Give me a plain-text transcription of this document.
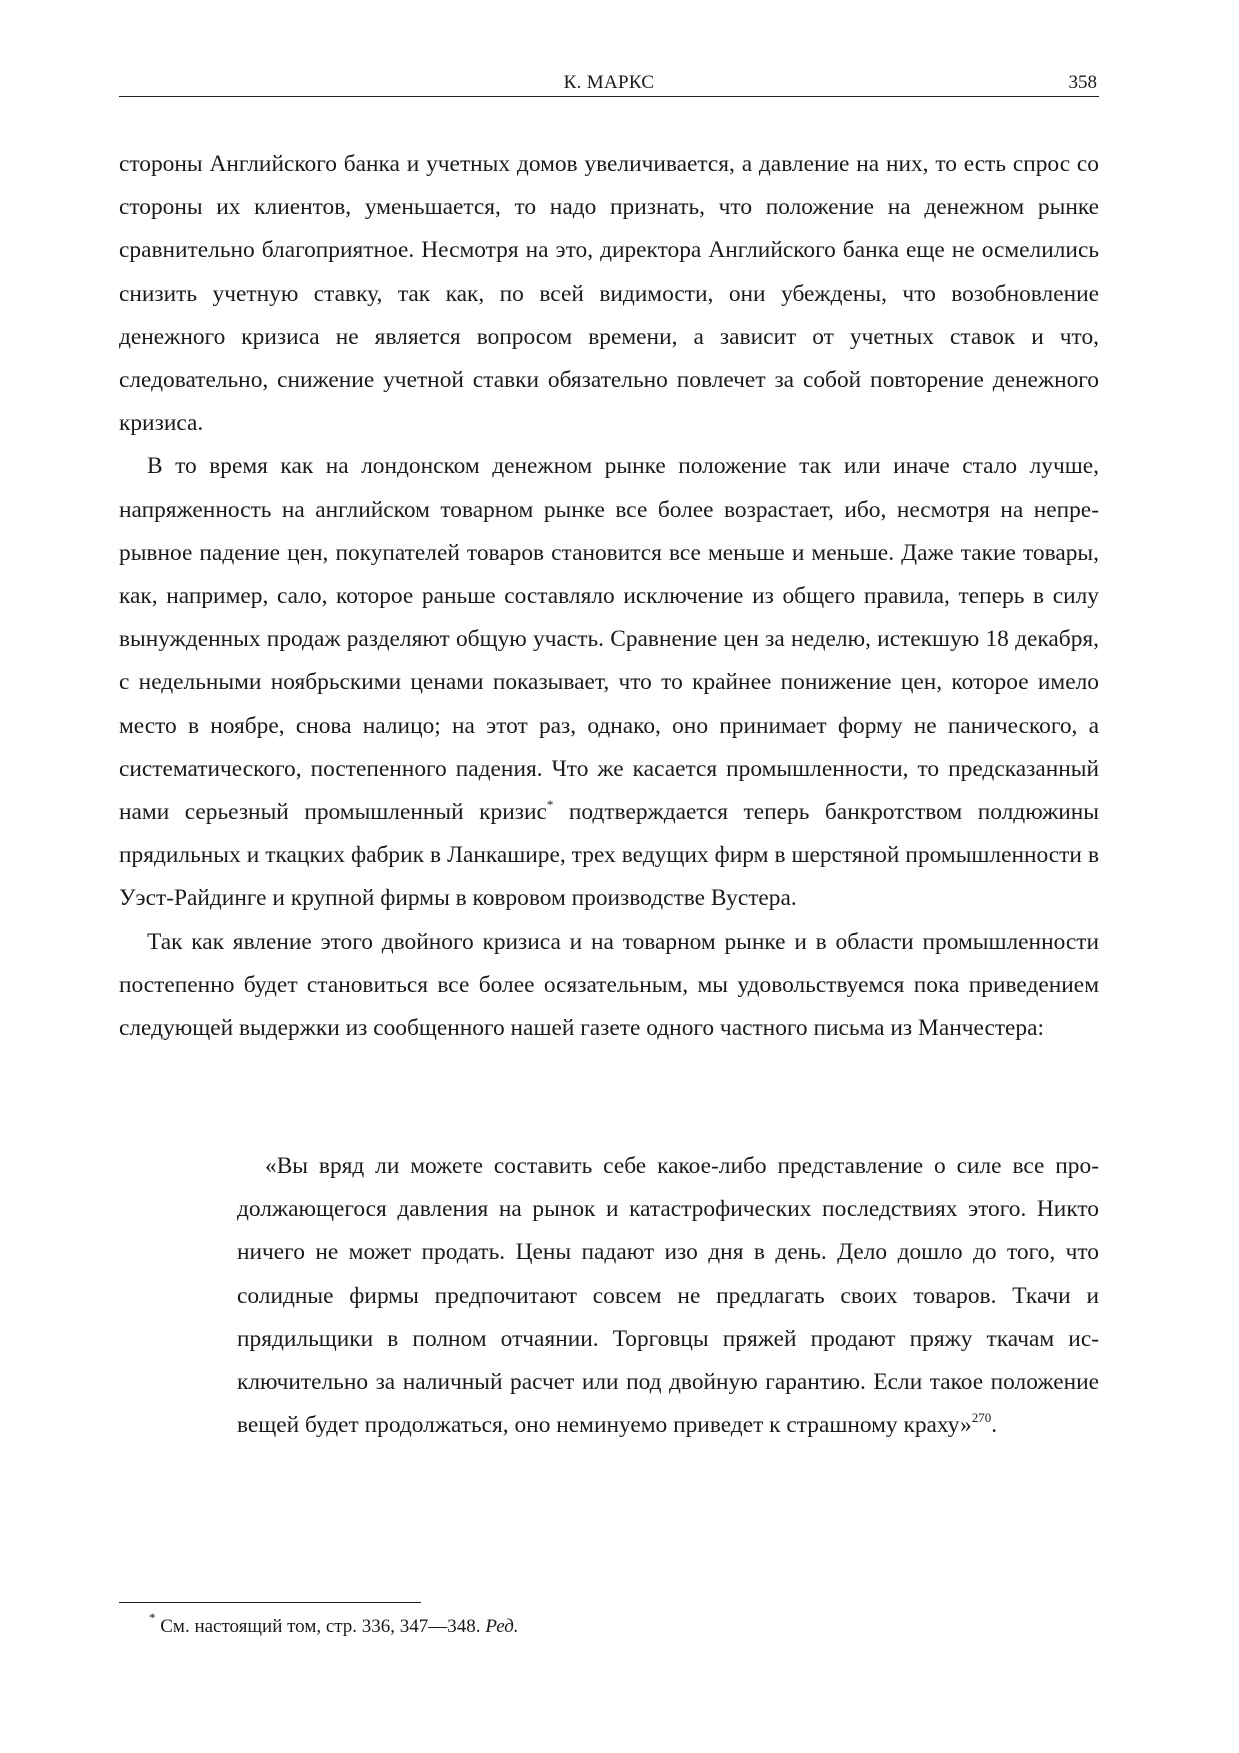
К. МАРКС	358

стороны Английского банка и учетных домов увеличивается, а давление на них, то есть спрос со стороны их клиентов, уменьшается, то надо признать, что положение на денежном рынке сравнительно благоприятное. Несмотря на это, директора Английского банка еще не осмелились снизить учетную ставку, так как, по всей видимости, они убеждены, что возобновление денежного кризиса не является вопросом времени, а зависит от учетных ставок и что, следовательно, снижение учетной ставки обязательно повлечет за собой повторение денежного кризиса.

В то время как на лондонском денежном рынке положение так или иначе стало лучше, напряженность на английском товарном рынке все более возрастает, ибо, несмотря на непрерывное падение цен, покупателей товаров становится все меньше и меньше. Даже такие товары, как, например, сало, которое раньше составляло исключение из общего правила, теперь в силу вынужденных продаж разделяют общую участь. Сравнение цен за неделю, истекшую 18 декабря, с недельными ноябрьскими ценами показывает, что то крайнее понижение цен, которое имело место в ноябре, снова налицо; на этот раз, однако, оно принимает форму не панического, а систематического, постепенного падения. Что же касается промышленности, то предсказанный нами серьезный промышленный кризис* подтверждается теперь банкротством полдюжины прядильных и ткацких фабрик в Ланкашире, трех ведущих фирм в шерстяной промышленности в Уэст-Райдинге и крупной фирмы в ковровом производстве Вустера.

Так как явление этого двойного кризиса и на товарном рынке и в области промышленности постепенно будет становиться все более осязательным, мы удовольствуемся пока приведением следующей выдержки из сообщенного нашей газете одного частного письма из Манчестера:

«Вы вряд ли можете составить себе какое-либо представление о силе все продолжающегося давления на рынок и катастрофических последствиях этого. Никто ничего не может продать. Цены падают изо дня в день. Дело дошло до того, что солидные фирмы предпочитают совсем не предлагать своих товаров. Ткачи и прядильщики в полном отчаянии. Торговцы пряжей продают пряжу ткачам исключительно за наличный расчет или под двойную гарантию. Если такое положение вещей будет продолжаться, оно неминуемо приведет к страшному краху»$^{270}$.

* См. настоящий том, стр. 336, 347—348. Ред.
